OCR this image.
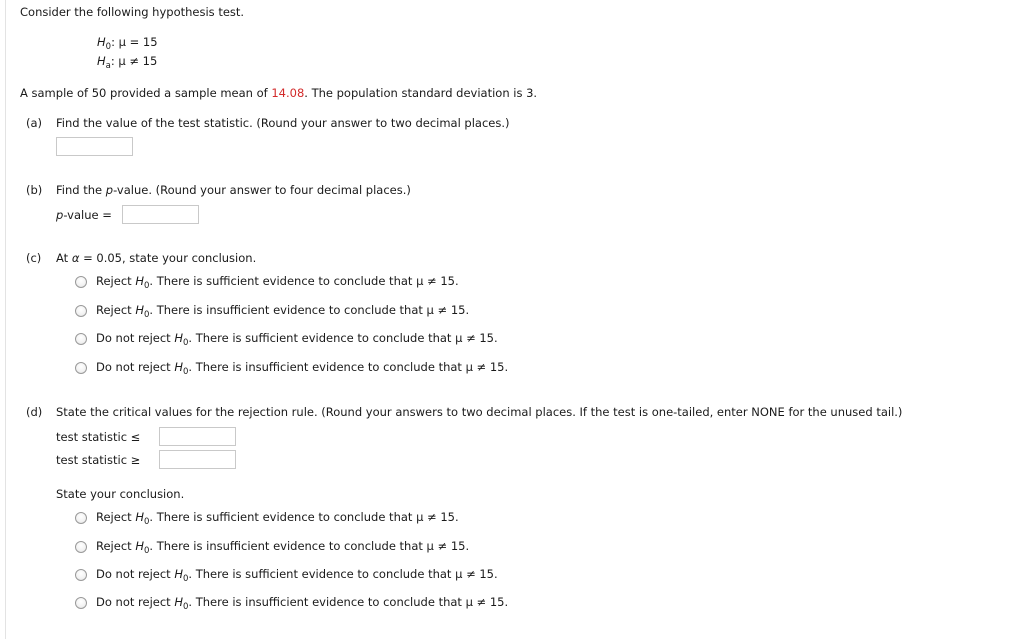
Consider the following hypothesis test.
$H_0$: μ = 15
$H_a$: μ ≠ 15
A sample of 50 provided a sample mean of 14.08. The population standard deviation is 3.
(a) Find the value of the test statistic. (Round your answer to two decimal places.)
(b) Find the p-value. (Round your answer to four decimal places.)
p-value =
(c) At α = 0.05, state your conclusion.
Reject $H_0$. There is sufficient evidence to conclude that μ ≠ 15.
Reject $H_0$. There is insufficient evidence to conclude that μ ≠ 15.
Do not reject $H_0$. There is sufficient evidence to conclude that μ ≠ 15.
Do not reject $H_0$. There is insufficient evidence to conclude that μ ≠ 15.
(d) State the critical values for the rejection rule. (Round your answers to two decimal places. If the test is one-tailed, enter NONE for the unused tail.)
test statistic ≤
test statistic ≥
State your conclusion.
Reject $H_0$. There is sufficient evidence to conclude that μ ≠ 15.
Reject $H_0$. There is insufficient evidence to conclude that μ ≠ 15.
Do not reject $H_0$. There is sufficient evidence to conclude that μ ≠ 15.
Do not reject $H_0$. There is insufficient evidence to conclude that μ ≠ 15.
